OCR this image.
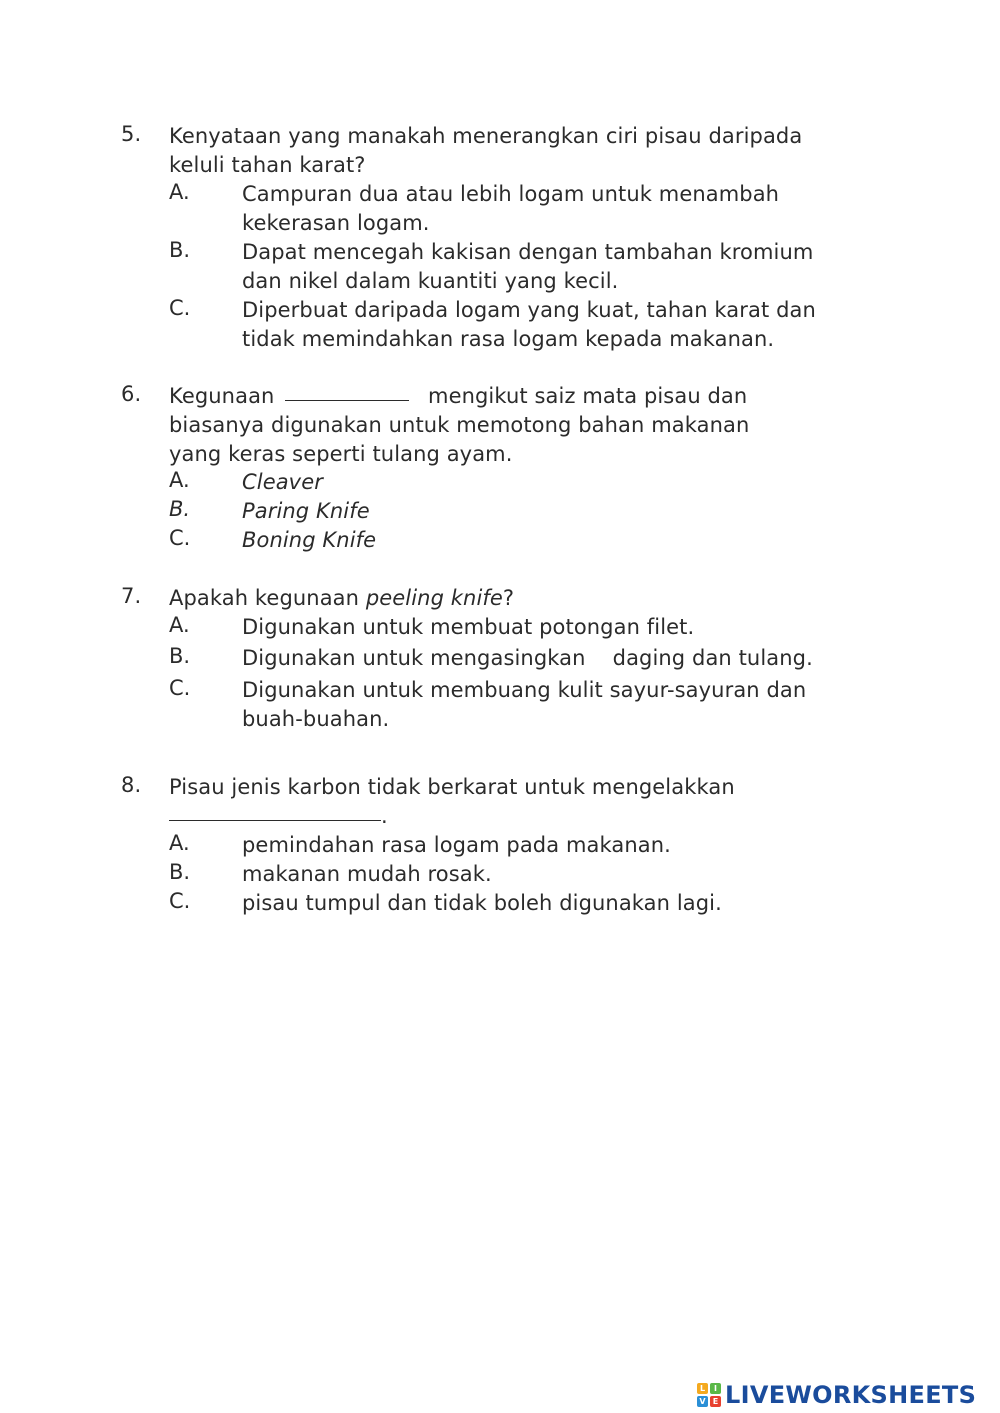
5. Kenyataan yang manakah menerangkan ciri pisau daripada
keluli tahan karat?
A. Campuran dua atau lebih logam untuk menambah
kekerasan logam.
B. Dapat mencegah kakisan dengan tambahan kromium
dan nikel dalam kuantiti yang kecil.
C. Diperbuat daripada logam yang kuat, tahan karat dan
tidak memindahkan rasa logam kepada makanan.
6. Kegunaan	mengikut saiz mata pisau dan
biasanya digunakan untuk memotong bahan makanan
yang keras seperti tulang ayam.
A. Cleaver
B. Paring Knife
C. Boning Knife
7. Apakah kegunaan peeling knife?
A. Digunakan untuk membuat potongan filet.
B. Digunakan untuk mengasingkan    daging dan tulang.
C. Digunakan untuk membuang kulit sayur-sayuran dan
buah-buahan.
8. Pisau jenis karbon tidak berkarat untuk mengelakkan
.
A. pemindahan rasa logam pada makanan.
B. makanan mudah rosak.
C. pisau tumpul dan tidak boleh digunakan lagi.
L	I
V E LIVEWORKSHEETS
